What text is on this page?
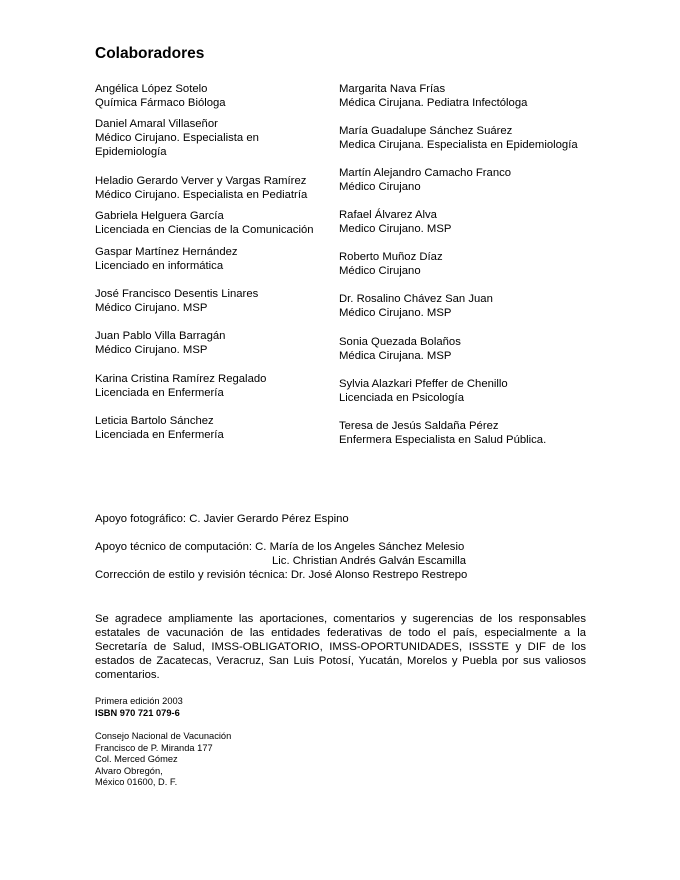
Colaboradores
Angélica López Sotelo
Química Fármaco Bióloga
Daniel Amaral Villaseñor
Médico Cirujano. Especialista en
Epidemiología
Heladio Gerardo Verver y Vargas Ramírez
Médico Cirujano. Especialista en Pediatría
Gabriela Helguera García
Licenciada en Ciencias de la Comunicación
Gaspar Martínez Hernández
Licenciado en informática
José Francisco Desentis Linares
Médico Cirujano. MSP
Juan Pablo Villa Barragán
Médico Cirujano. MSP
Karina Cristina Ramírez Regalado
Licenciada en Enfermería
Leticia Bartolo Sánchez
Licenciada en Enfermería
Margarita Nava Frías
Médica Cirujana. Pediatra Infectóloga
María Guadalupe Sánchez Suárez
Medica Cirujana. Especialista en Epidemiología
Martín Alejandro Camacho Franco
Médico Cirujano
Rafael Álvarez Alva
Medico Cirujano. MSP
Roberto Muñoz Díaz
Médico Cirujano
Dr. Rosalino Chávez San Juan
Médico Cirujano. MSP
Sonia Quezada Bolaños
Médica Cirujana. MSP
Sylvia Alazkari Pfeffer de Chenillo
Licenciada en Psicología
Teresa de Jesús Saldaña Pérez
Enfermera Especialista en Salud Pública.
Apoyo fotográfico: C. Javier Gerardo Pérez Espino
Apoyo técnico de computación: C. María de los Angeles Sánchez Melesio
Lic. Christian Andrés Galván Escamilla
Corrección de estilo y revisión técnica: Dr. José Alonso Restrepo Restrepo
Se agradece ampliamente las aportaciones, comentarios y sugerencias de los responsables estatales de vacunación de las entidades federativas de todo el país, especialmente a la Secretaría de Salud, IMSS-OBLIGATORIO, IMSS-OPORTUNIDADES, ISSSTE y DIF de los estados de Zacatecas, Veracruz, San Luis Potosí, Yucatán, Morelos y Puebla por sus valiosos comentarios.
Primera edición 2003
ISBN 970 721 079-6
Consejo Nacional de Vacunación
Francisco de P. Miranda 177
Col. Merced Gómez
Alvaro Obregón,
México 01600, D. F.
